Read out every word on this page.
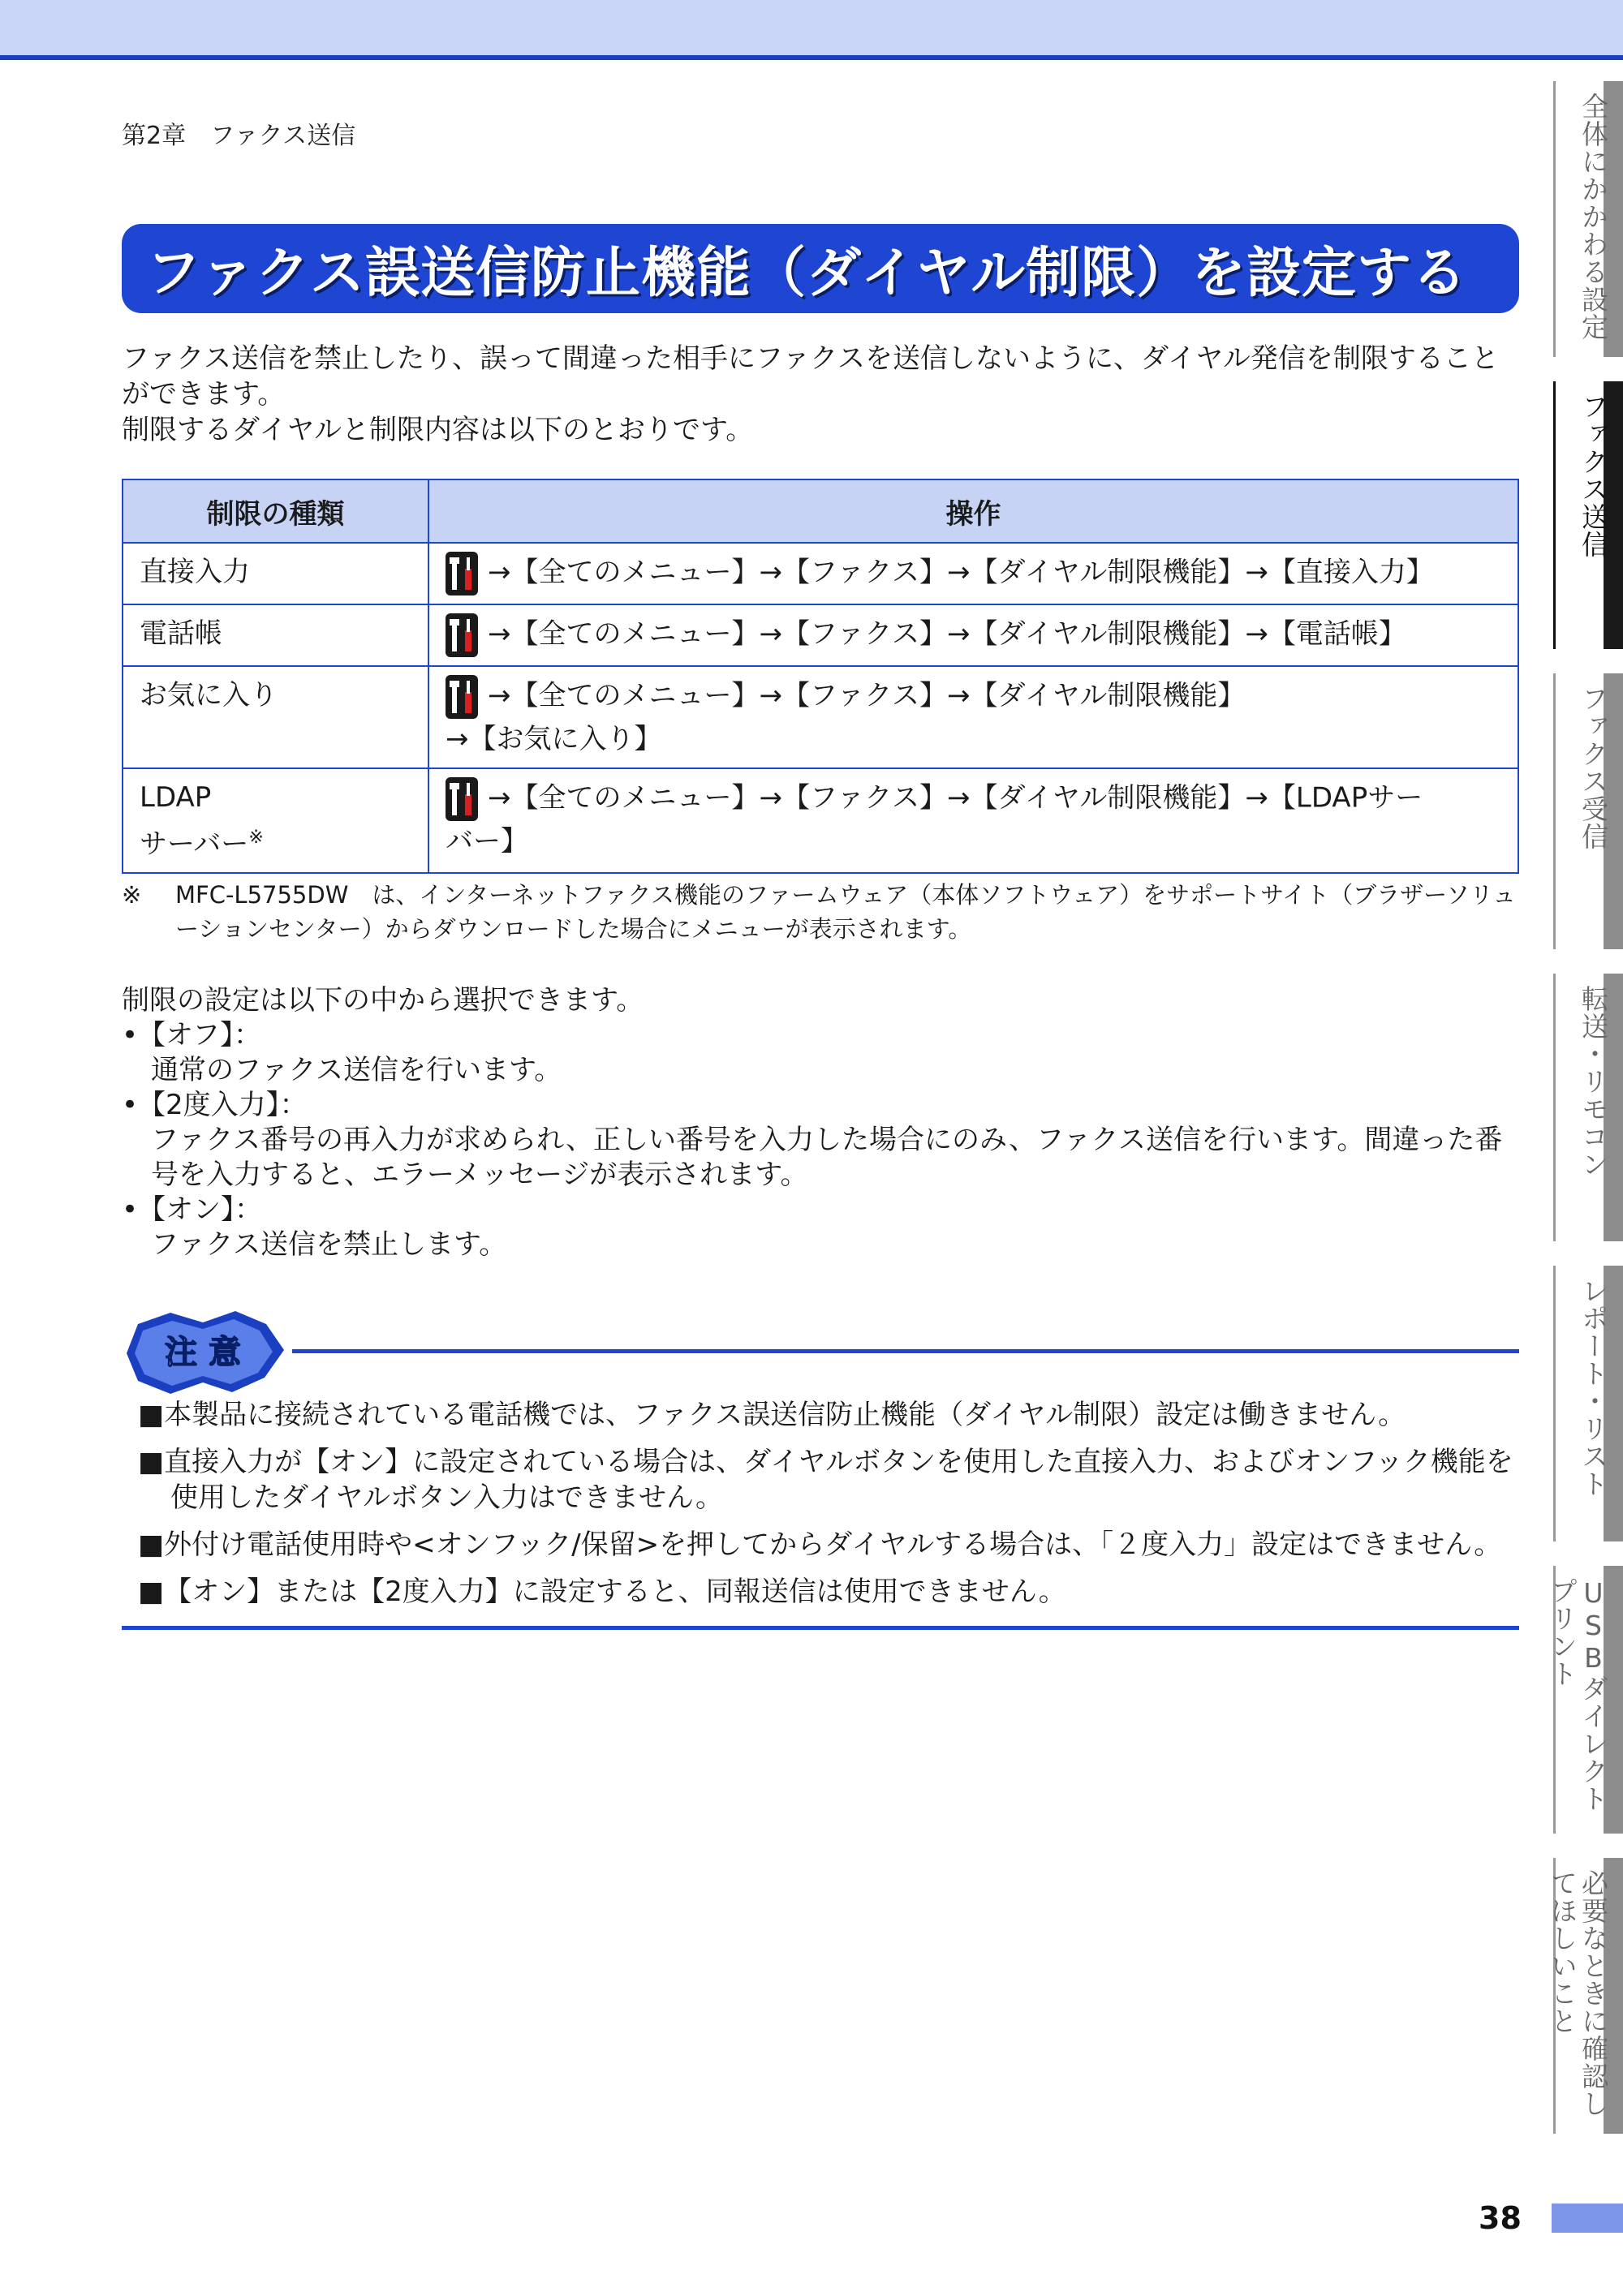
第2章　ファクス送信
ファクス誤送信防止機能（ダイヤル制限）を設定する

ファクス送信を禁止したり、誤って間違った相手にファクスを送信しないように、ダイヤル発信を制限することができます。

制限するダイヤルと制限内容は以下のとおりです。

制限の種類	操作
直接入力	→【全てのメニュー】→【ファクス】→【ダイヤル制限機能】→【直接入力】
電話帳	→【全てのメニュー】→【ファクス】→【ダイヤル制限機能】→【電話帳】
お気に入り	→【全てのメニュー】→【ファクス】→【ダイヤル制限機能】
→【お気に入り】
LDAP
サーバー※	→【全てのメニュー】→【ファクス】→【ダイヤル制限機能】→【LDAPサー
バー】
※	MFC-L5755DW　は、インターネットファクス機能のファームウェア（本体ソフトウェア）をサポートサイト（ブラザーソリューションセンター）からダウンロードした場合にメニューが表示されます。

制限の設定は以下の中から選択できます。

•【オフ】：

通常のファクス送信を行います。

•【2度入力】：

ファクス番号の再入力が求められ、正しい番号を入力した場合にのみ、ファクス送信を行います。間違った番号を入力すると、エラーメッセージが表示されます。

•【オン】：

ファクス送信を禁止します。

注 意

■本製品に接続されている電話機では、ファクス誤送信防止機能（ダイヤル制限）設定は働きません。

■直接入力が【オン】に設定されている場合は、ダイヤルボタンを使用した直接入力、およびオンフック機能を使用したダイヤルボタン入力はできません。

■外付け電話使用時や<オンフック/保留>を押してからダイヤルする場合は、「２度入力」設定はできません。

■【オン】または【2度入力】に設定すると、同報送信は使用できません。

全体にかかわる設定
ファクス送信
ファクス受信
転送・リモコン
レポート・リスト
USBダイレクトプリント
必要なときに確認してほしいこと
38
